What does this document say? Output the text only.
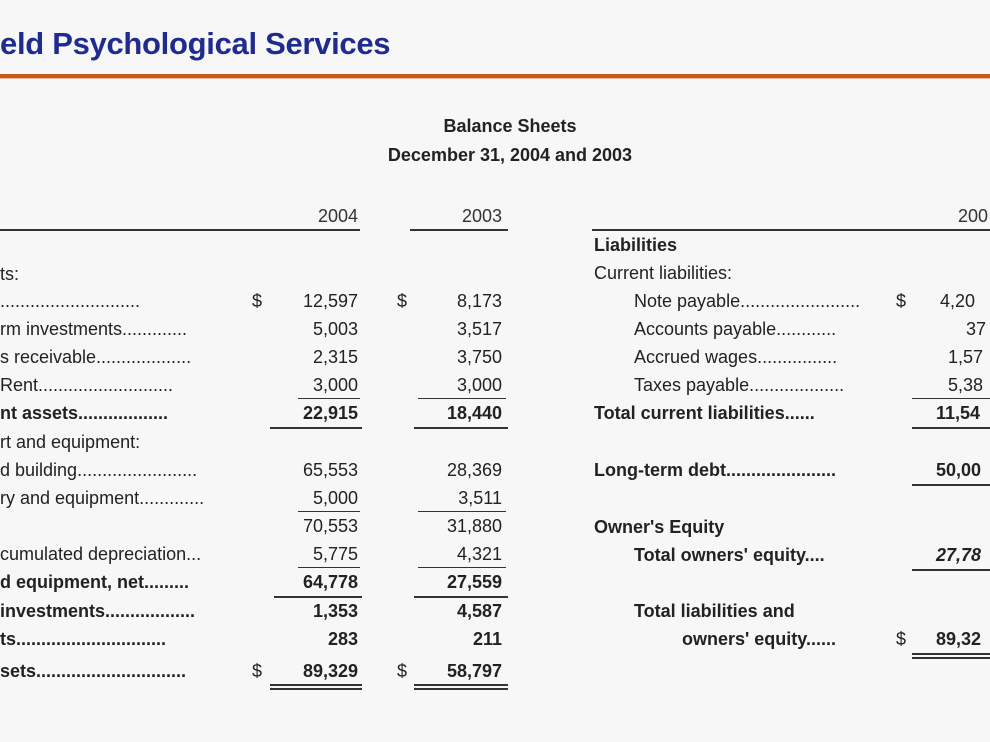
eld Psychological Services
Balance Sheets
December 31, 2004 and 2003
2004	2003
ts:
............................	$	12,597 $	8,173
rm investments.............	5,003	3,517
s receivable...................	2,315	3,750
Rent...........................	3,000	3,000
nt assets..................	22,915	18,440
rt and equipment:
d building........................	65,553	28,369
ry and equipment.............	5,000	3,511
70,553	31,880
cumulated depreciation...	5,775	4,321
d equipment, net.........	64,778	27,559
investments..................	1,353	4,587
ts..............................	283	211
sets..............................	$	89,329 $	58,797
200
Liabilities
Current liabilities:
Note payable........................	$ 4,20
Accounts payable............	37
Accrued wages................	1,57
Taxes payable...................	5,38
Total current liabilities......	11,54
Long-term debt......................	50,00
Owner's Equity
Total owners' equity....	27,78
Total liabilities and
owners' equity......	$ 89,32
